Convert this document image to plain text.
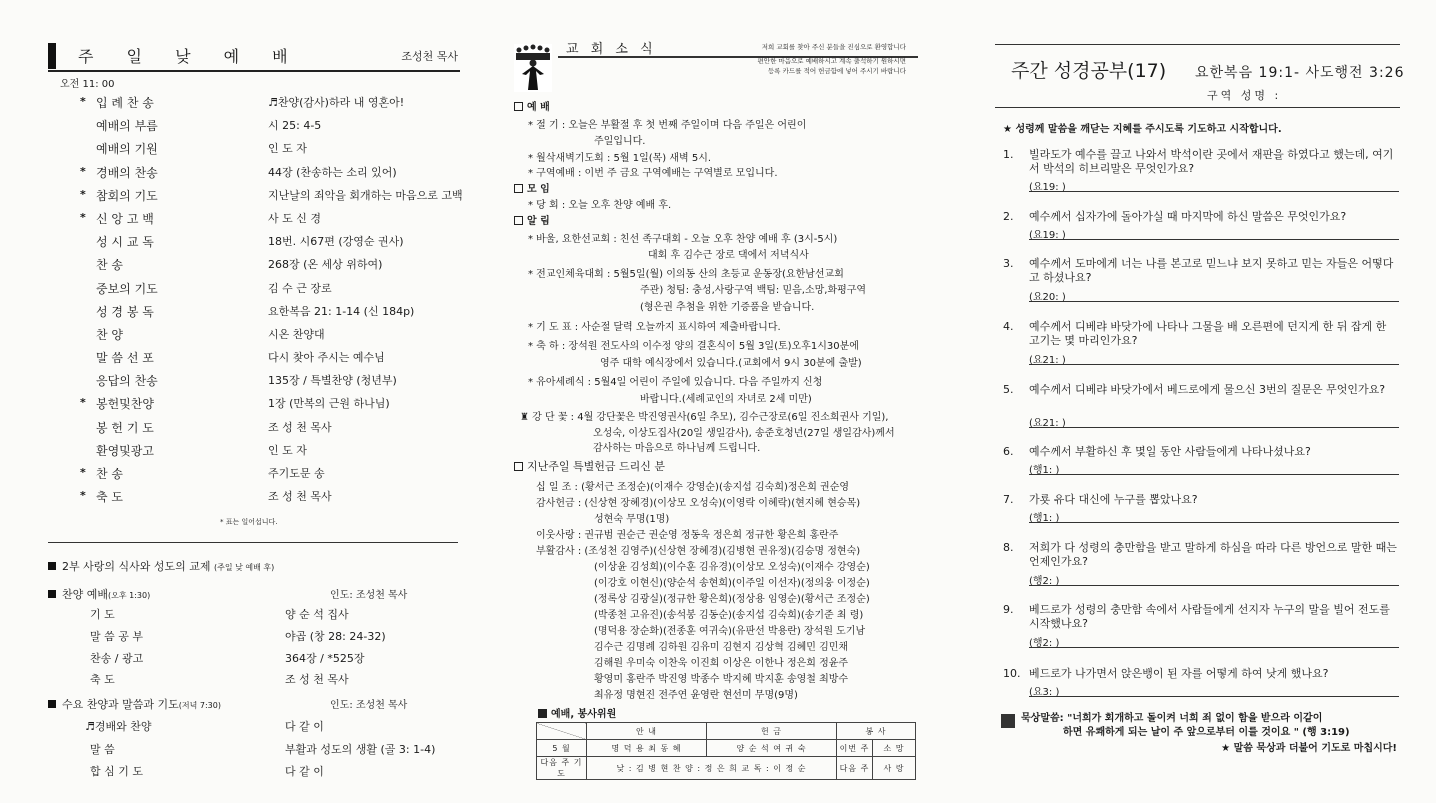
주 일 낮 예 배	조성천 목사
오전 11: 00
* 입 례 찬 송	♬찬양(감사)하라 내 영혼아!
예배의 부름	시 25: 4-5
예배의 기원	인 도 자
* 경배의 찬송	44장 (찬송하는 소리 있어)
* 참회의 기도	지난날의 죄악을 회개하는 마음으로 고백
* 신 앙 고 백	사 도 신 경
성 시 교 독	18번. 시67편 (강영순 권사)
찬 송	268장 (온 세상 위하여)
중보의 기도	김 수 근 장로
성 경 봉 독	요한복음 21: 1-14 (신 184p)
찬 양	시온 찬양대
말 씀 선 포	다시 찾아 주시는 예수님
응답의 찬송	135장 / 특별찬양 (청년부)
* 봉헌및찬양	1장 (만복의 근원 하나님)
봉 헌 기 도	조 성 천 목사
환영및광고	인 도 자
* 찬 송	주기도문 송
* 축 도	조 성 천 목사
* 표는 일어섭니다.
2부 사랑의 식사와 성도의 교제 (주일 낮 예배 후)
찬양 예배(오후 1:30)	인도: 조성천 목사
기 도	양 순 석 집사
말 씀 공 부	야곱 (창 28: 24-32)
찬송 / 광고	364장 / *525장
축 도	조 성 천 목사
수요 찬양과 말씀과 기도(저녁 7:30)	인도: 조성천 목사
♬경배와 찬양	다 같 이
말 씀	부활과 성도의 생활 (골 3: 1-4)
합 심 기 도	다 같 이
교 회 소 식	저희 교회를 찾아 주신 분들을 진심으로 환영합니다
편안한 마음으로 예배하시고 계속 출석하기 원하시면
등록 카드를 적어 헌금함에 넣어 주시기 바랍니다
예 배
* 절 기 : 오늘은 부활절 후 첫 번째 주일이며 다음 주일은 어린이
주일입니다.
* 월삭새벽기도회 : 5월 1일(목) 새벽 5시.
* 구역예배 : 이번 주 금요 구역예배는 구역별로 모입니다.
모 임
* 당 회 : 오늘 오후 찬양 예배 후.
알 림
* 바울, 요한선교회 : 친선 족구대회 - 오늘 오후 찬양 예배 후 (3시-5시)
대회 후 김수근 장로 댁에서 저녁식사
* 전교인체육대회 : 5월5일(월) 이의동 산의 초등교 운동장(요한남선교회
주관) 청팀: 충성,사랑구역 백팀: 믿음,소망,화평구역
(형은권 추첨을 위한 기증품을 받습니다.
* 기 도 표 : 사순절 달력 오늘까지 표시하여 제출바랍니다.
* 축 하 : 장석원 전도사의 이수정 양의 결혼식이 5월 3일(토)오후1시30분에
영주 대학 예식장에서 있습니다.(교회에서 9시 30분에 출발)
* 유아세례식 : 5월4일 어린이 주일에 있습니다. 다음 주일까지 신청
바랍니다.(세례교인의 자녀로 2세 미만)
♜ 강 단 꽃 : 4월 강단꽃은 박진영권사(6일 추모), 김수근장로(6일 진소희권사 기일),
오성숙, 이상도집사(20일 생일감사), 송준호청년(27일 생일감사)께서
감사하는 마음으로 하나님께 드립니다.
지난주일 특별헌금 드리신 분
십 일 조 : (황서근 조정순)(이재수 강영순)(송지섭 김숙희)정은희 권순영
감사헌금 : (신상현 장혜경)(이상모 오성숙)(이영락 이혜락)(현지혜 현승목)
성현숙 무명(1명)
이웃사랑 : 권규범 권순근 권순영 정동욱 정은희 정규한 황은희 홍란주
부활감사 : (조성천 김영주)(신상현 장혜경)(김병현 권유정)(김승명 정현숙)
(이상윤 김성희)(이수훈 김유경)(이상모 오성숙)(이재수 강영순)
(이강호 이현신)(양순석 송현희)(이주일 이선자)(정의웅 이정순)
(정록상 김광실)(정규한 황은희)(정상용 임영순)(황서근 조정순)
(박종천 고유진)(송석봉 김동순)(송지섭 김숙희)(송기준 최 령)
(명덕용 장순화)(전종훈 여귀숙)(유판선 박용란) 장석원 도기남
김수근 김명례 김하원 김유미 김현지 김상혁 김혜민 김민채
김해원 우미숙 이찬욱 이진희 이상은 이한나 정은희 정윤주
황영미 홍란주 박진영 박종수 박지혜 박지훈 송영철 최방수
최유정 명현진 전주연 윤영란 현선미 무명(9명)
예배, 봉사위원
	안 내	헌 금	봉 사	
5 월	명 덕 용 최 동 혜	양 순 석 여 귀 숙	이번 주	소 망
다음 주 기도	낮 : 김 병 현 찬 양 : 정 은 희 교 독 : 이 정 순		다음 주	사 랑
주간 성경공부(17) 요한복음 19:1- 사도행전 3:26
구역 성명 :
★ 성령께 말씀을 깨닫는 지혜를 주시도록 기도하고 시작합니다.
1. 빌라도가 예수를 끌고 나와서 박석이란 곳에서 재판을 하였다고 했는데, 여기서 박석의 히브리말은 무엇인가요?
(요19: )
2. 예수께서 십자가에 돌아가실 때 마지막에 하신 말씀은 무엇인가요?
(요19: )
3. 예수께서 도마에게 너는 나를 본고로 믿느냐 보지 못하고 믿는 자들은 어떻다고 하셨나요?
(요20: )
4. 예수께서 디베랴 바닷가에 나타나 그물을 배 오른편에 던지게 한 뒤 잡게 한 고기는 몇 마리인가요?
(요21: )
5. 예수께서 디베랴 바닷가에서 베드로에게 물으신 3번의 질문은 무엇인가요?
(요21: )
6. 예수께서 부활하신 후 몇일 동안 사람들에게 나타나셨나요?
(행1: )
7. 가룟 유다 대신에 누구를 뽑았나요?
(행1: )
8. 저희가 다 성령의 충만함을 받고 말하게 하심을 따라 다른 방언으로 말한 때는 언제인가요?
(행2: )
9. 베드로가 성령의 충만함 속에서 사람들에게 선지자 누구의 말을 빌어 전도를 시작했나요?
(행2: )
10. 베드로가 나가면서 앉은뱅이 된 자를 어떻게 하여 낫게 했나요?
(요3: )
묵상말씀: "너희가 회개하고 돌이켜 너희 죄 없이 함을 받으라 이같이
하면 유쾌하게 되는 날이 주 앞으로부터 이를 것이요 " (행 3:19)
★ 말씀 묵상과 더불어 기도로 마칩시다!
